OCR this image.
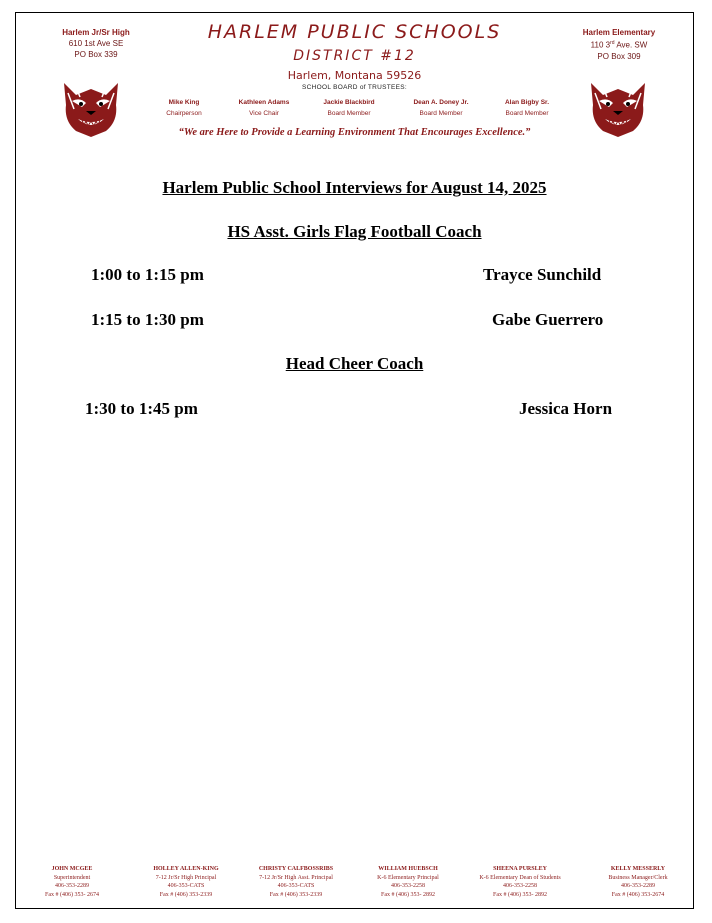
Harlem Jr/Sr High
610 1st Ave SE
PO Box 339
Harlem Elementary
110 3rd Ave. SW
PO Box 309
HARLEM PUBLIC SCHOOLS
DISTRICT #12
Harlem, Montana 59526
SCHOOL BOARD of TRUSTEES:
Mike King
Chairperson
Kathleen Adams
Vice Chair
Jackie Blackbird
Board Member
Dean A. Doney Jr.
Board Member
Alan Bigby Sr.
Board Member
“We are Here to Provide a Learning Environment That Encourages Excellence.”
Harlem Public School Interviews for August 14, 2025
HS Asst. Girls Flag Football Coach
1:00 to 1:15 pm	Trayce Sunchild
1:15 to 1:30 pm	Gabe Guerrero
Head Cheer Coach
1:30 to 1:45 pm	Jessica Horn
JOHN MCGEE
Superintendent
406-353-2289
Fax # (406) 353- 2674
HOLLEY ALLEN-KING
7-12 Jr/Sr High Principal
406-353-CATS
Fax # (406) 353-2339
CHRISTY CALFBOSSRIBS
7-12 Jr/Sr High Asst. Principal
406-353-CATS
Fax # (406) 353-2339
WILLIAM HUEBSCH
K-6 Elementary Principal
406-353-2258
Fax # (406) 353- 2892
SHEENA PURSLEY
K-6 Elementary Dean of Students
406-353-2258
Fax # (406) 353- 2892
KELLY MESSERLY
Business Manager/Clerk
406-353-2289
Fax # (406) 353-2674
